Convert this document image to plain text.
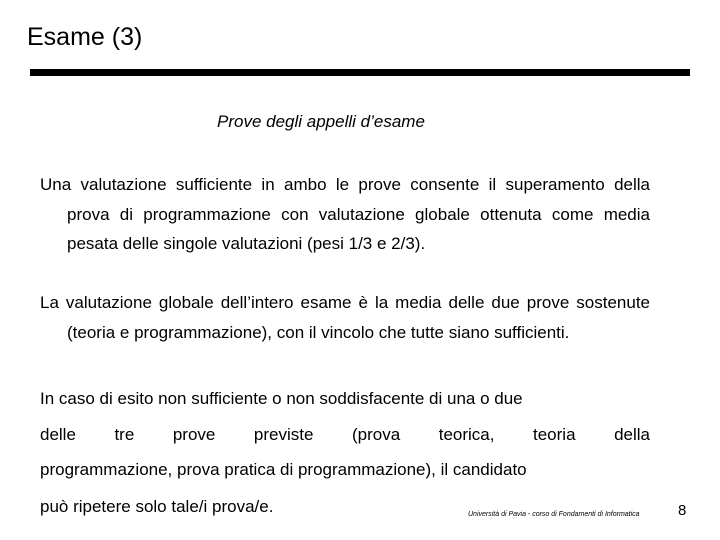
Esame (3)
Prove degli appelli d’esame

Una valutazione sufficiente in ambo le prove consente il superamento della prova di programmazione con valutazione globale ottenuta come media pesata delle singole valutazioni (pesi 1/3 e 2/3).

La valutazione globale dell’intero esame è la media delle due prove sostenute (teoria e programmazione), con il vincolo che tutte siano sufficienti.

In caso di esito non sufficiente o non soddisfacente di una o due
delle tre prove previste (prova teorica, teoria della
programmazione, prova pratica di programmazione), il candidato
può ripetere solo tale/i prova/e.	Università di Pavia - corso di Fondamenti di Informatica	8
